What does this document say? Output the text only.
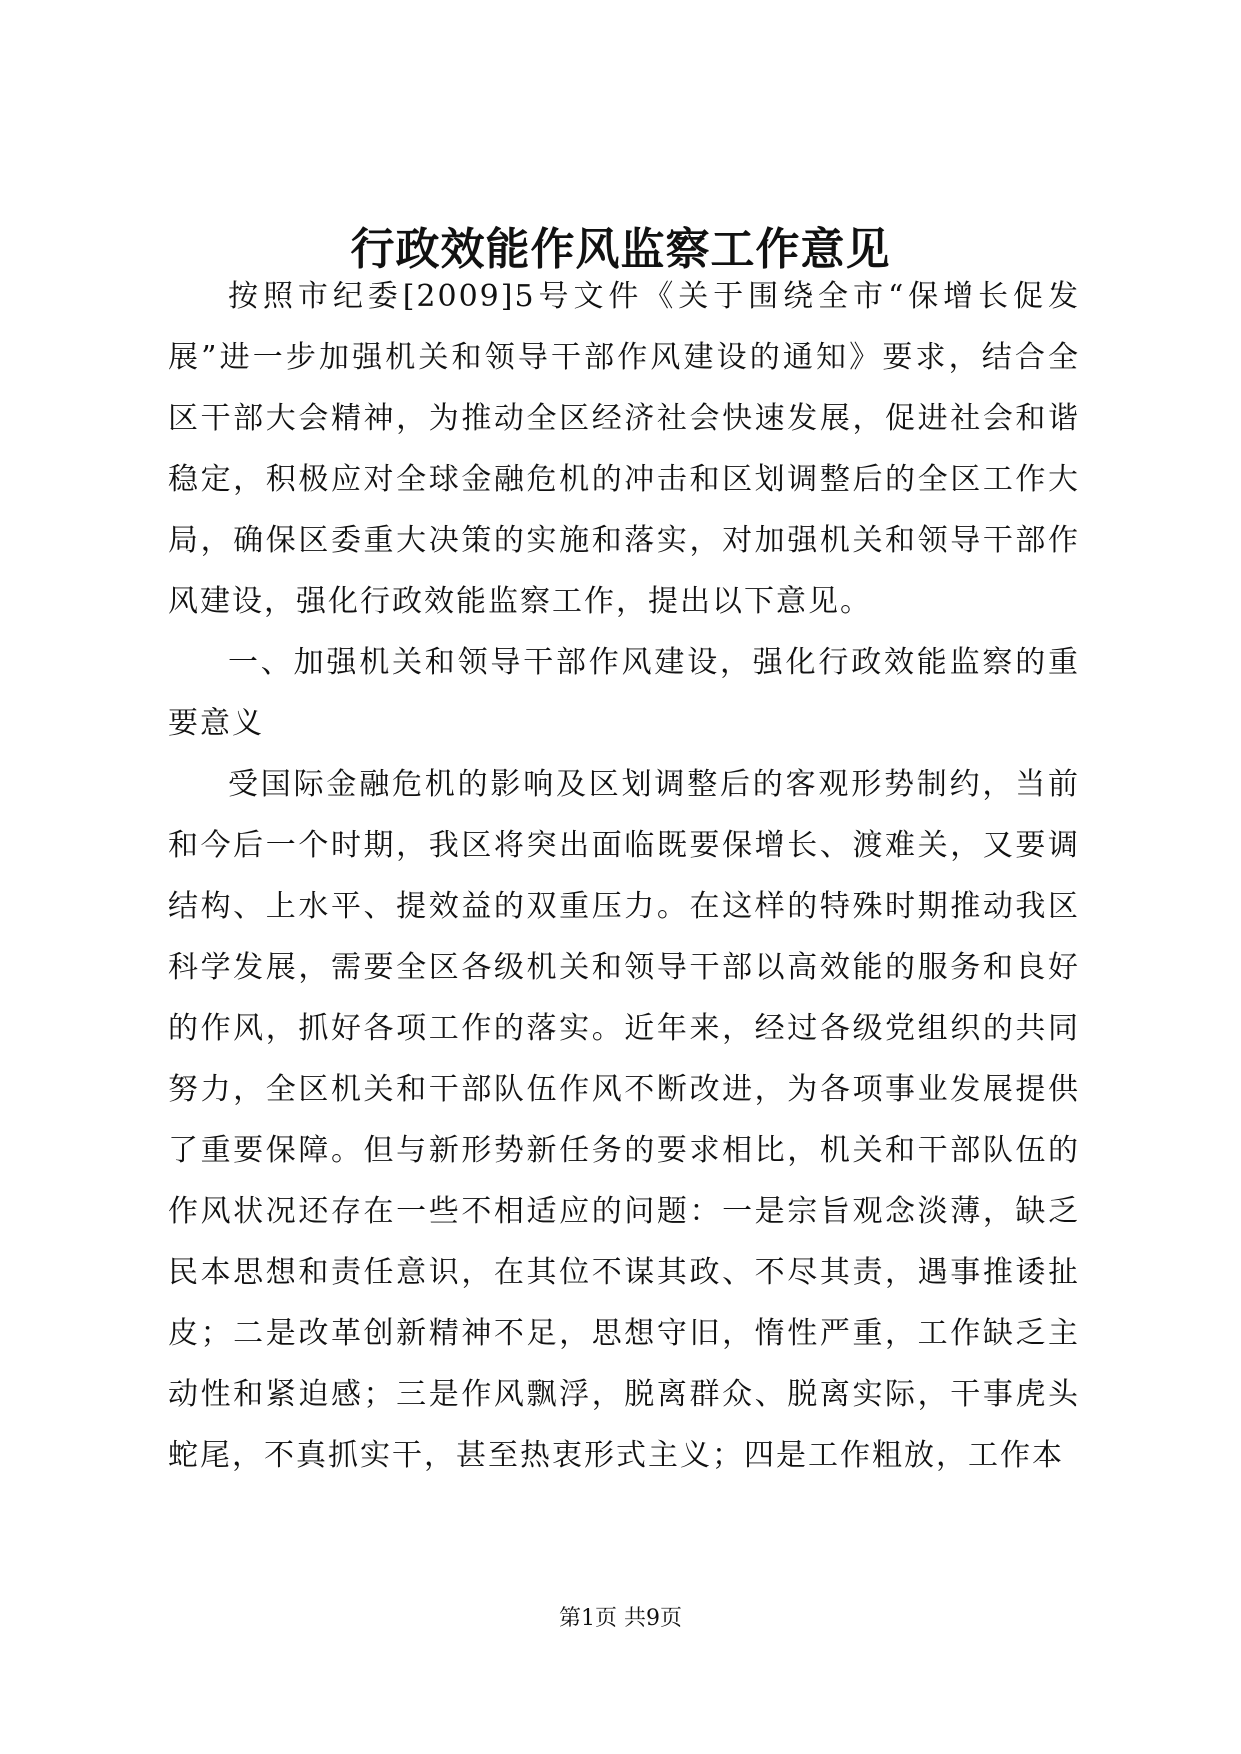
行政效能作风监察工作意见

按照市纪委[2009]5号文件《关于围绕全市“保增长促发展”进一步加强机关和领导干部作风建设的通知》要求，结合全区干部大会精神，为推动全区经济社会快速发展，促进社会和谐稳定，积极应对全球金融危机的冲击和区划调整后的全区工作大局，确保区委重大决策的实施和落实，对加强机关和领导干部作风建设，强化行政效能监察工作，提出以下意见。

一、加强机关和领导干部作风建设，强化行政效能监察的重要意义

受国际金融危机的影响及区划调整后的客观形势制约，当前和今后一个时期，我区将突出面临既要保增长、渡难关，又要调结构、上水平、提效益的双重压力。在这样的特殊时期推动我区科学发展，需要全区各级机关和领导干部以高效能的服务和良好的作风，抓好各项工作的落实。近年来，经过各级党组织的共同努力，全区机关和干部队伍作风不断改进，为各项事业发展提供了重要保障。但与新形势新任务的要求相比，机关和干部队伍的作风状况还存在一些不相适应的问题：一是宗旨观念淡薄，缺乏民本思想和责任意识，在其位不谋其政、不尽其责，遇事推诿扯皮；二是改革创新精神不足，思想守旧，惰性严重，工作缺乏主动性和紧迫感；三是作风飘浮，脱离群众、脱离实际，干事虎头蛇尾，不真抓实干，甚至热衷形式主义；四是工作粗放，工作本

第1页 共9页
